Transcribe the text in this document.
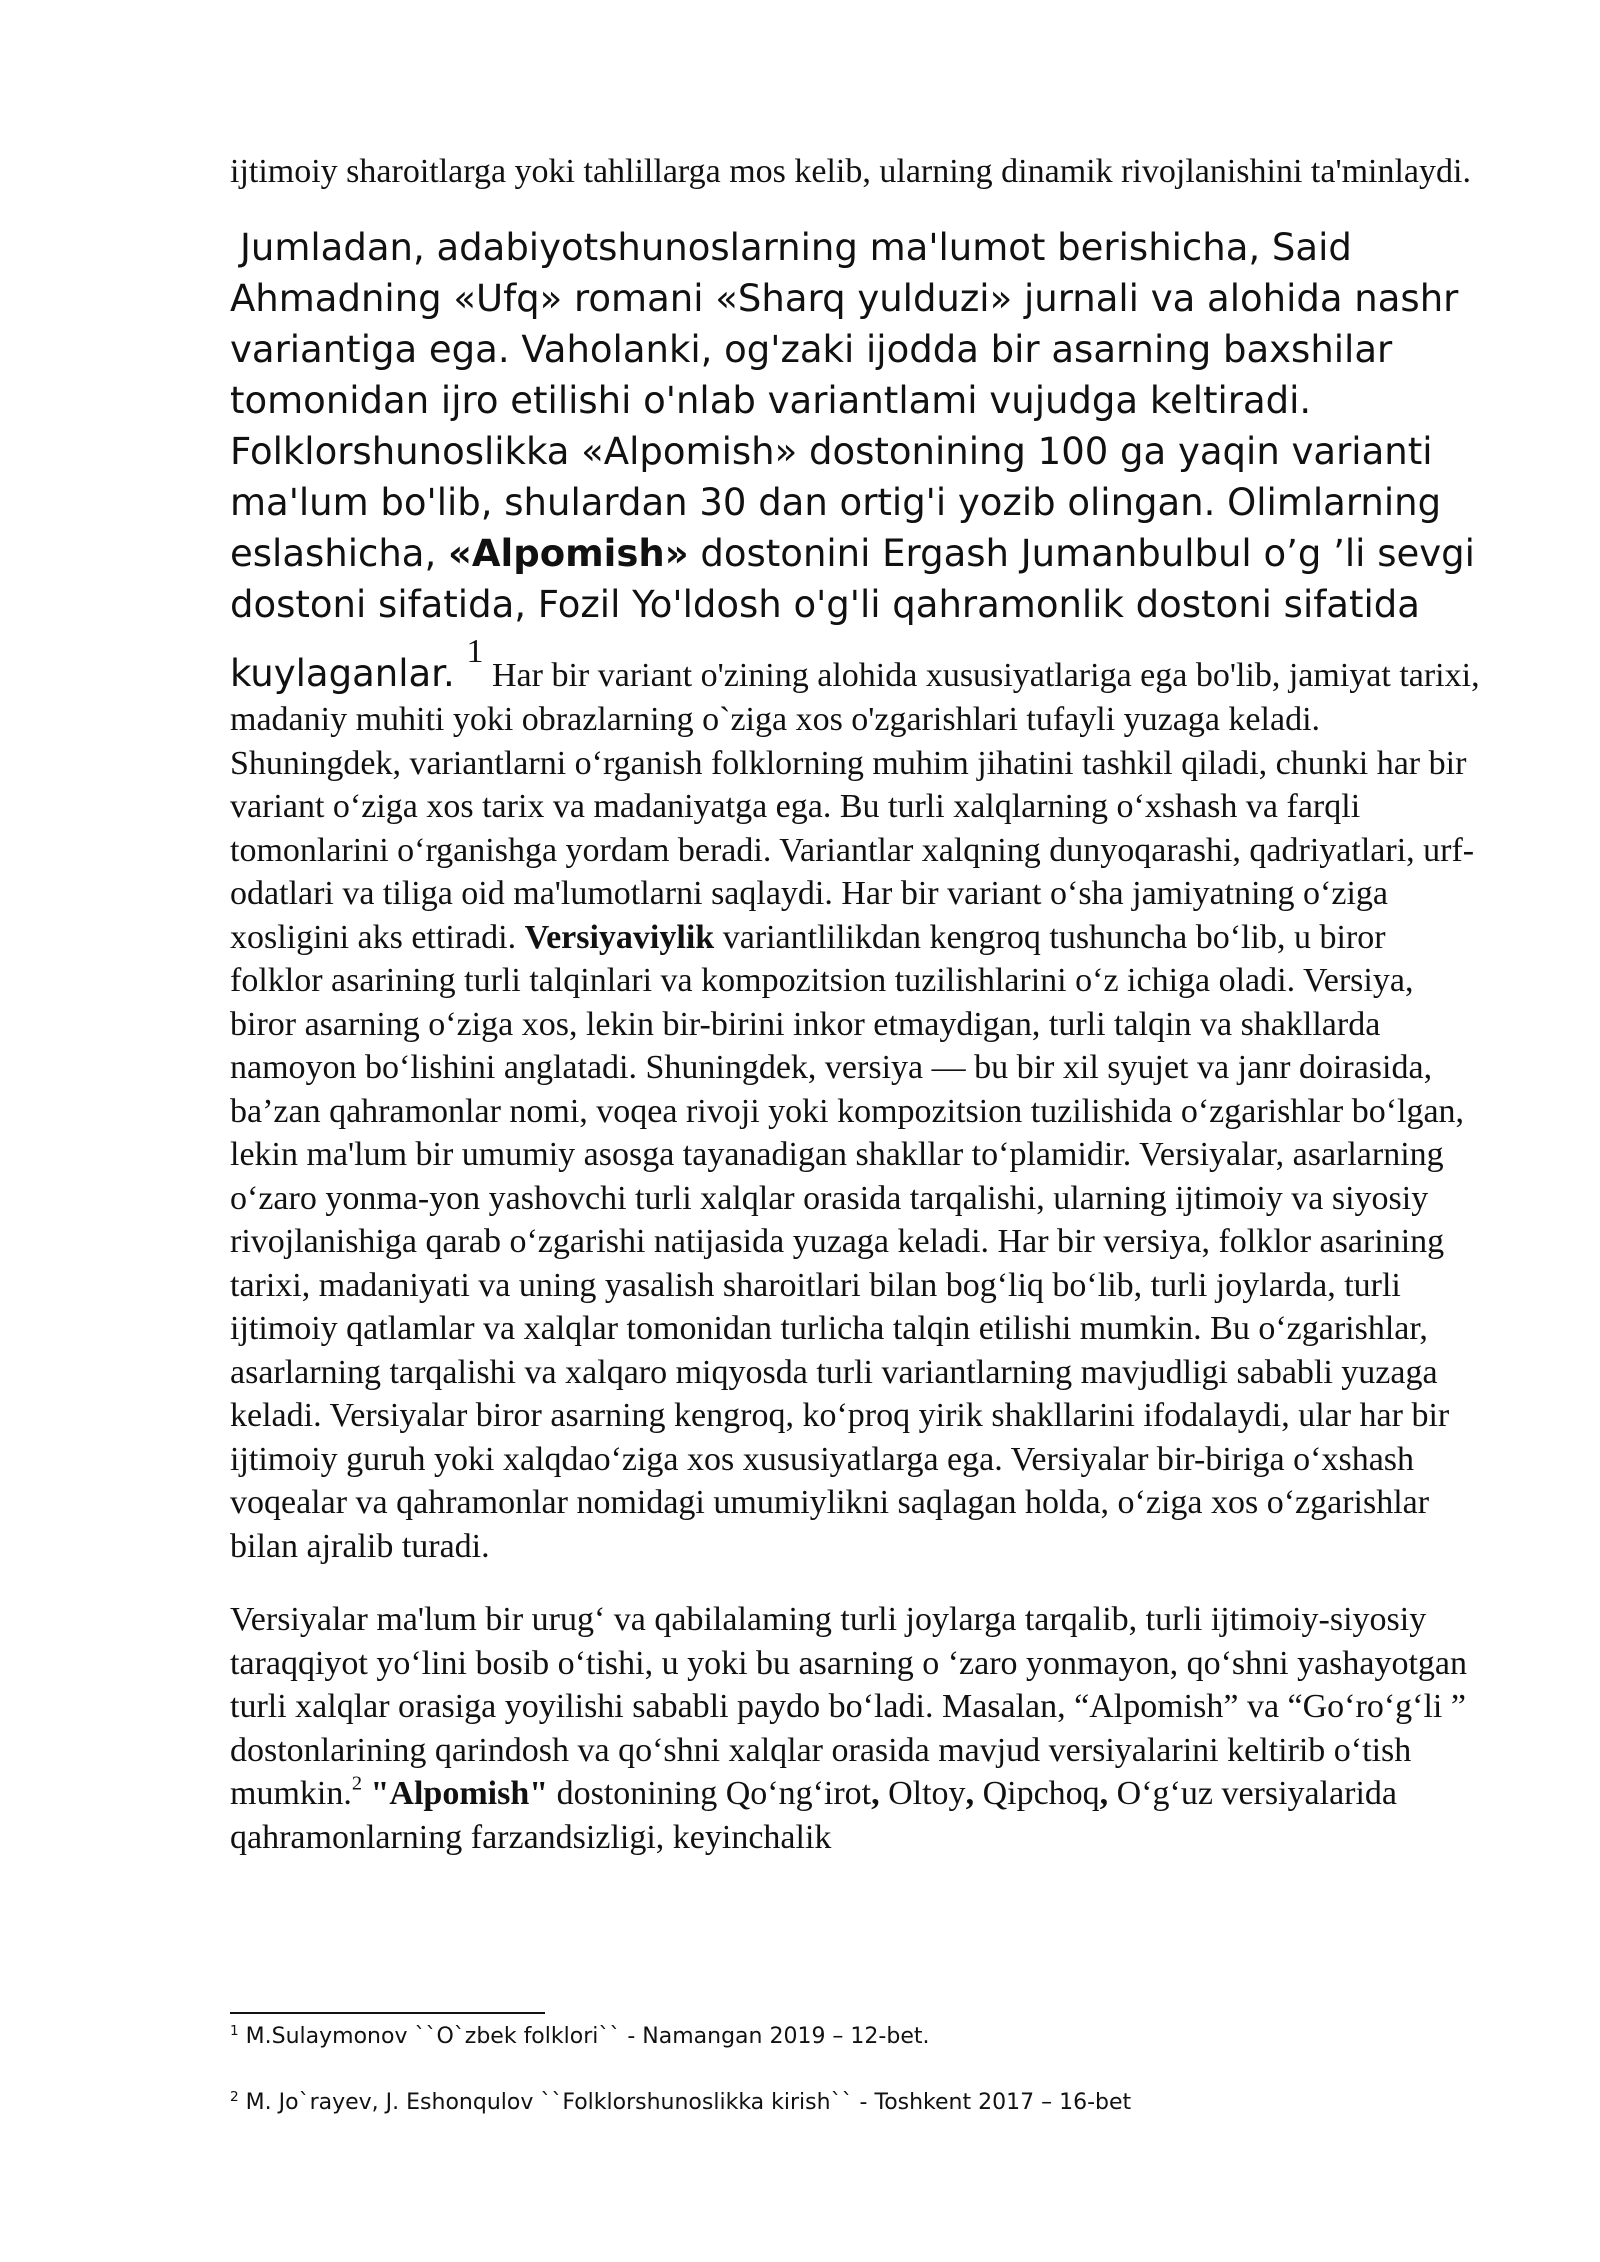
ijtimoiy sharoitlarga yoki tahlillarga mos kelib, ularning dinamik rivojlanishini ta'minlaydi.

Jumladan, adabiyotshunoslarning ma'lumot berishicha, Said Ahmadning «Ufq» romani «Sharq yulduzi» jurnali va alohida nashr variantiga ega. Vaholanki, og'zaki ijodda bir asarning baxshilar tomonidan ijro etilishi o'nlab variantlami vujudga keltiradi. Folklorshunoslikka «Alpomish» dostonining 100 ga yaqin varianti ma'lum bo'lib, shulardan 30 dan ortig'i yozib olingan. Olimlarning eslashicha, «Alpomish» dostonini Ergash Jumanbulbul o’g ’li sevgi dostoni sifatida, Fozil Yo'ldosh o'g'li qahramonlik dostoni sifatida kuylaganlar. $^1$ Har bir variant o'zining alohida xususiyatlariga ega bo'lib, jamiyat tarixi, madaniy muhiti yoki obrazlarning o`ziga xos o'zgarishlari tufayli yuzaga keladi. Shuningdek, variantlarni o‘rganish folklorning muhim jihatini tashkil qiladi, chunki har bir variant o‘ziga xos tarix va madaniyatga ega. Bu turli xalqlarning o‘xshash va farqli tomonlarini o‘rganishga yordam beradi. Variantlar xalqning dunyoqarashi, qadriyatlari, urf-odatlari va tiliga oid ma'lumotlarni saqlaydi. Har bir variant o‘sha jamiyatning o‘ziga xosligini aks ettiradi. Versiyaviylik variantlilikdan kengroq tushuncha bo‘lib, u biror folklor asarining turli talqinlari va kompozitsion tuzilishlarini o‘z ichiga oladi. Versiya, biror asarning o‘ziga xos, lekin bir-birini inkor etmaydigan, turli talqin va shakllarda namoyon bo‘lishini anglatadi. Shuningdek, versiya — bu bir xil syujet va janr doirasida, ba’zan qahramonlar nomi, voqea rivoji yoki kompozitsion tuzilishida o‘zgarishlar bo‘lgan, lekin ma'lum bir umumiy asosga tayanadigan shakllar to‘plamidir. Versiyalar, asarlarning o‘zaro yonma-yon yashovchi turli xalqlar orasida tarqalishi, ularning ijtimoiy va siyosiy rivojlanishiga qarab o‘zgarishi natijasida yuzaga keladi. Har bir versiya, folklor asarining tarixi, madaniyati va uning yasalish sharoitlari bilan bog‘liq bo‘lib, turli joylarda, turli ijtimoiy qatlamlar va xalqlar tomonidan turlicha talqin etilishi mumkin. Bu o‘zgarishlar, asarlarning tarqalishi va xalqaro miqyosda turli variantlarning mavjudligi sababli yuzaga keladi. Versiyalar biror asarning kengroq, ko‘proq yirik shakllarini ifodalaydi, ular har bir ijtimoiy guruh yoki xalqdao‘ziga xos xususiyatlarga ega. Versiyalar bir-biriga o‘xshash voqealar va qahramonlar nomidagi umumiylikni saqlagan holda, o‘ziga xos o‘zgarishlar bilan ajralib turadi.

Versiyalar ma'lum bir urug‘ va qabilalaming turli joylarga tarqalib, turli ijtimoiy-siyosiy taraqqiyot yo‘lini bosib o‘tishi, u yoki bu asarning o ‘zaro yonmayon, qo‘shni yashayotgan turli xalqlar orasiga yoyilishi sababli paydo bo‘ladi. Masalan, “Alpomish” va “Go‘ro‘g‘li ” dostonlarining qarindosh va qo‘shni xalqlar orasida mavjud versiyalarini keltirib o‘tish mumkin.$^2$ "Alpomish" dostonining Qo‘ng‘irot, Oltoy, Qipchoq, O‘g‘uz versiyalarida qahramonlarning farzandsizligi, keyinchalik

$^1$ M.Sulaymonov ``O`zbek folklori`` - Namangan 2019 – 12-bet.

$^2$ M. Jo`rayev, J. Eshonqulov ``Folklorshunoslikka kirish`` - Toshkent 2017 – 16-bet
